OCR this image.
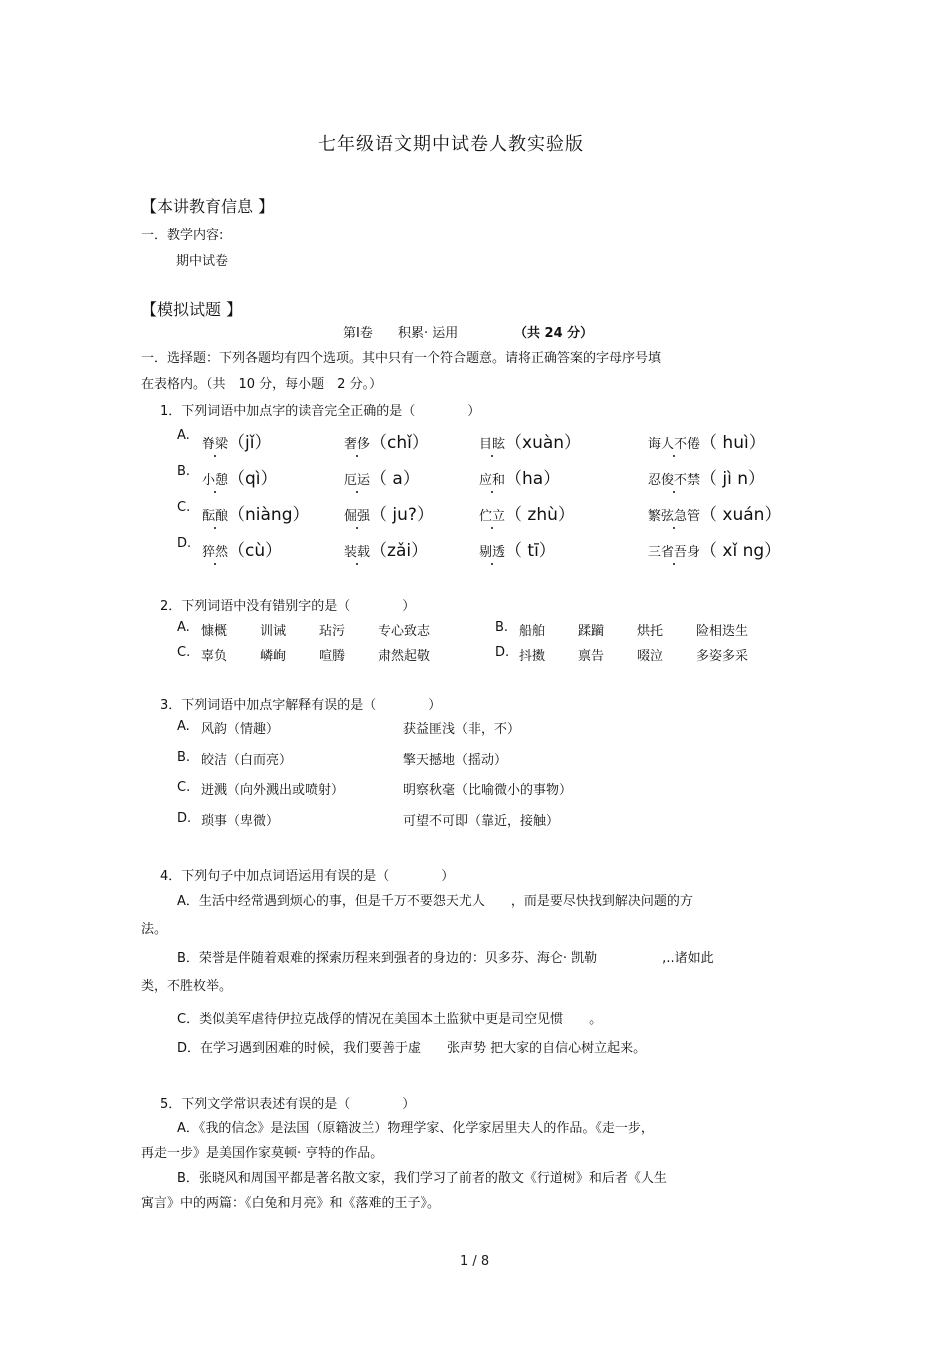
七年级语文期中试卷人教实验版
【本讲教育信息 】
一．教学内容:
期中试卷
【模拟试题 】
第Ⅰ卷 积累· 运用	（共 24 分）
一．选择题：下列各题均有四个选项。其中只有一个符合题意。请将正确答案的字母序号填
在表格内。（共　10 分，每小题　2 分。）
1．下列词语中加点字的读音完全正确的是（　　　　）
A.
脊梁（jǐ）	奢侈（chǐ）	目眩（xuàn）	诲人不倦（ huì）
B.
小憩（qì）	厄运（ a）	应和（ha）	忍俊不禁（ jì n）
C.
酝酿（niàng）	倔强（ ju?）	伫立（ zhù）	繁弦急管（ xuán）
D.
猝然（cù）	装载（zǎi）	剔透（ tī）	三省吾身（ xǐ ng）
2．下列词语中没有错别字的是（　　　　）
A. 慷概	训诫	玷污	专心致志	B. 船舶	蹂躏	烘托	险相迭生
C. 辜负	嶙峋	喧腾	肃然起敬	D. 抖擞	禀告	啜泣	多姿多采
3．下列词语中加点字解释有误的是（　　　　）
A. 风韵（情趣）	获益匪浅（非，不）
B. 皎洁（白而亮）	擎天撼地（摇动）
C. 迸溅（向外溅出或喷射）	明察秋毫（比喻微小的事物）
D. 琐事（卑微）	可望不可即（靠近，接触）
4．下列句子中加点词语运用有误的是（　　　　）
A．生活中经常遇到烦心的事，但是千万不要怨天尤人　　，而是要尽快找到解决问题的方
法。
B．荣誉是伴随着艰难的探索历程来到强者的身边的：贝多芬、海仑· 凯勒　　　　　,..诸如此
类，不胜枚举。
C．类似美军虐待伊拉克战俘的情况在美国本土监狱中更是司空见惯　　。
D．在学习遇到困难的时候，我们要善于虚　　张声势 把大家的自信心树立起来。
5．下列文学常识表述有误的是（　　　　）
A．《我的信念》是法国（原籍波兰）物理学家、化学家居里夫人的作品。《走一步，
再走一步》是美国作家莫顿· 亨特的作品。
B．张晓风和周国平都是著名散文家，我们学习了前者的散文《行道树》和后者《人生
寓言》中的两篇：《白兔和月亮》和《落难的王子》。
1 / 8
